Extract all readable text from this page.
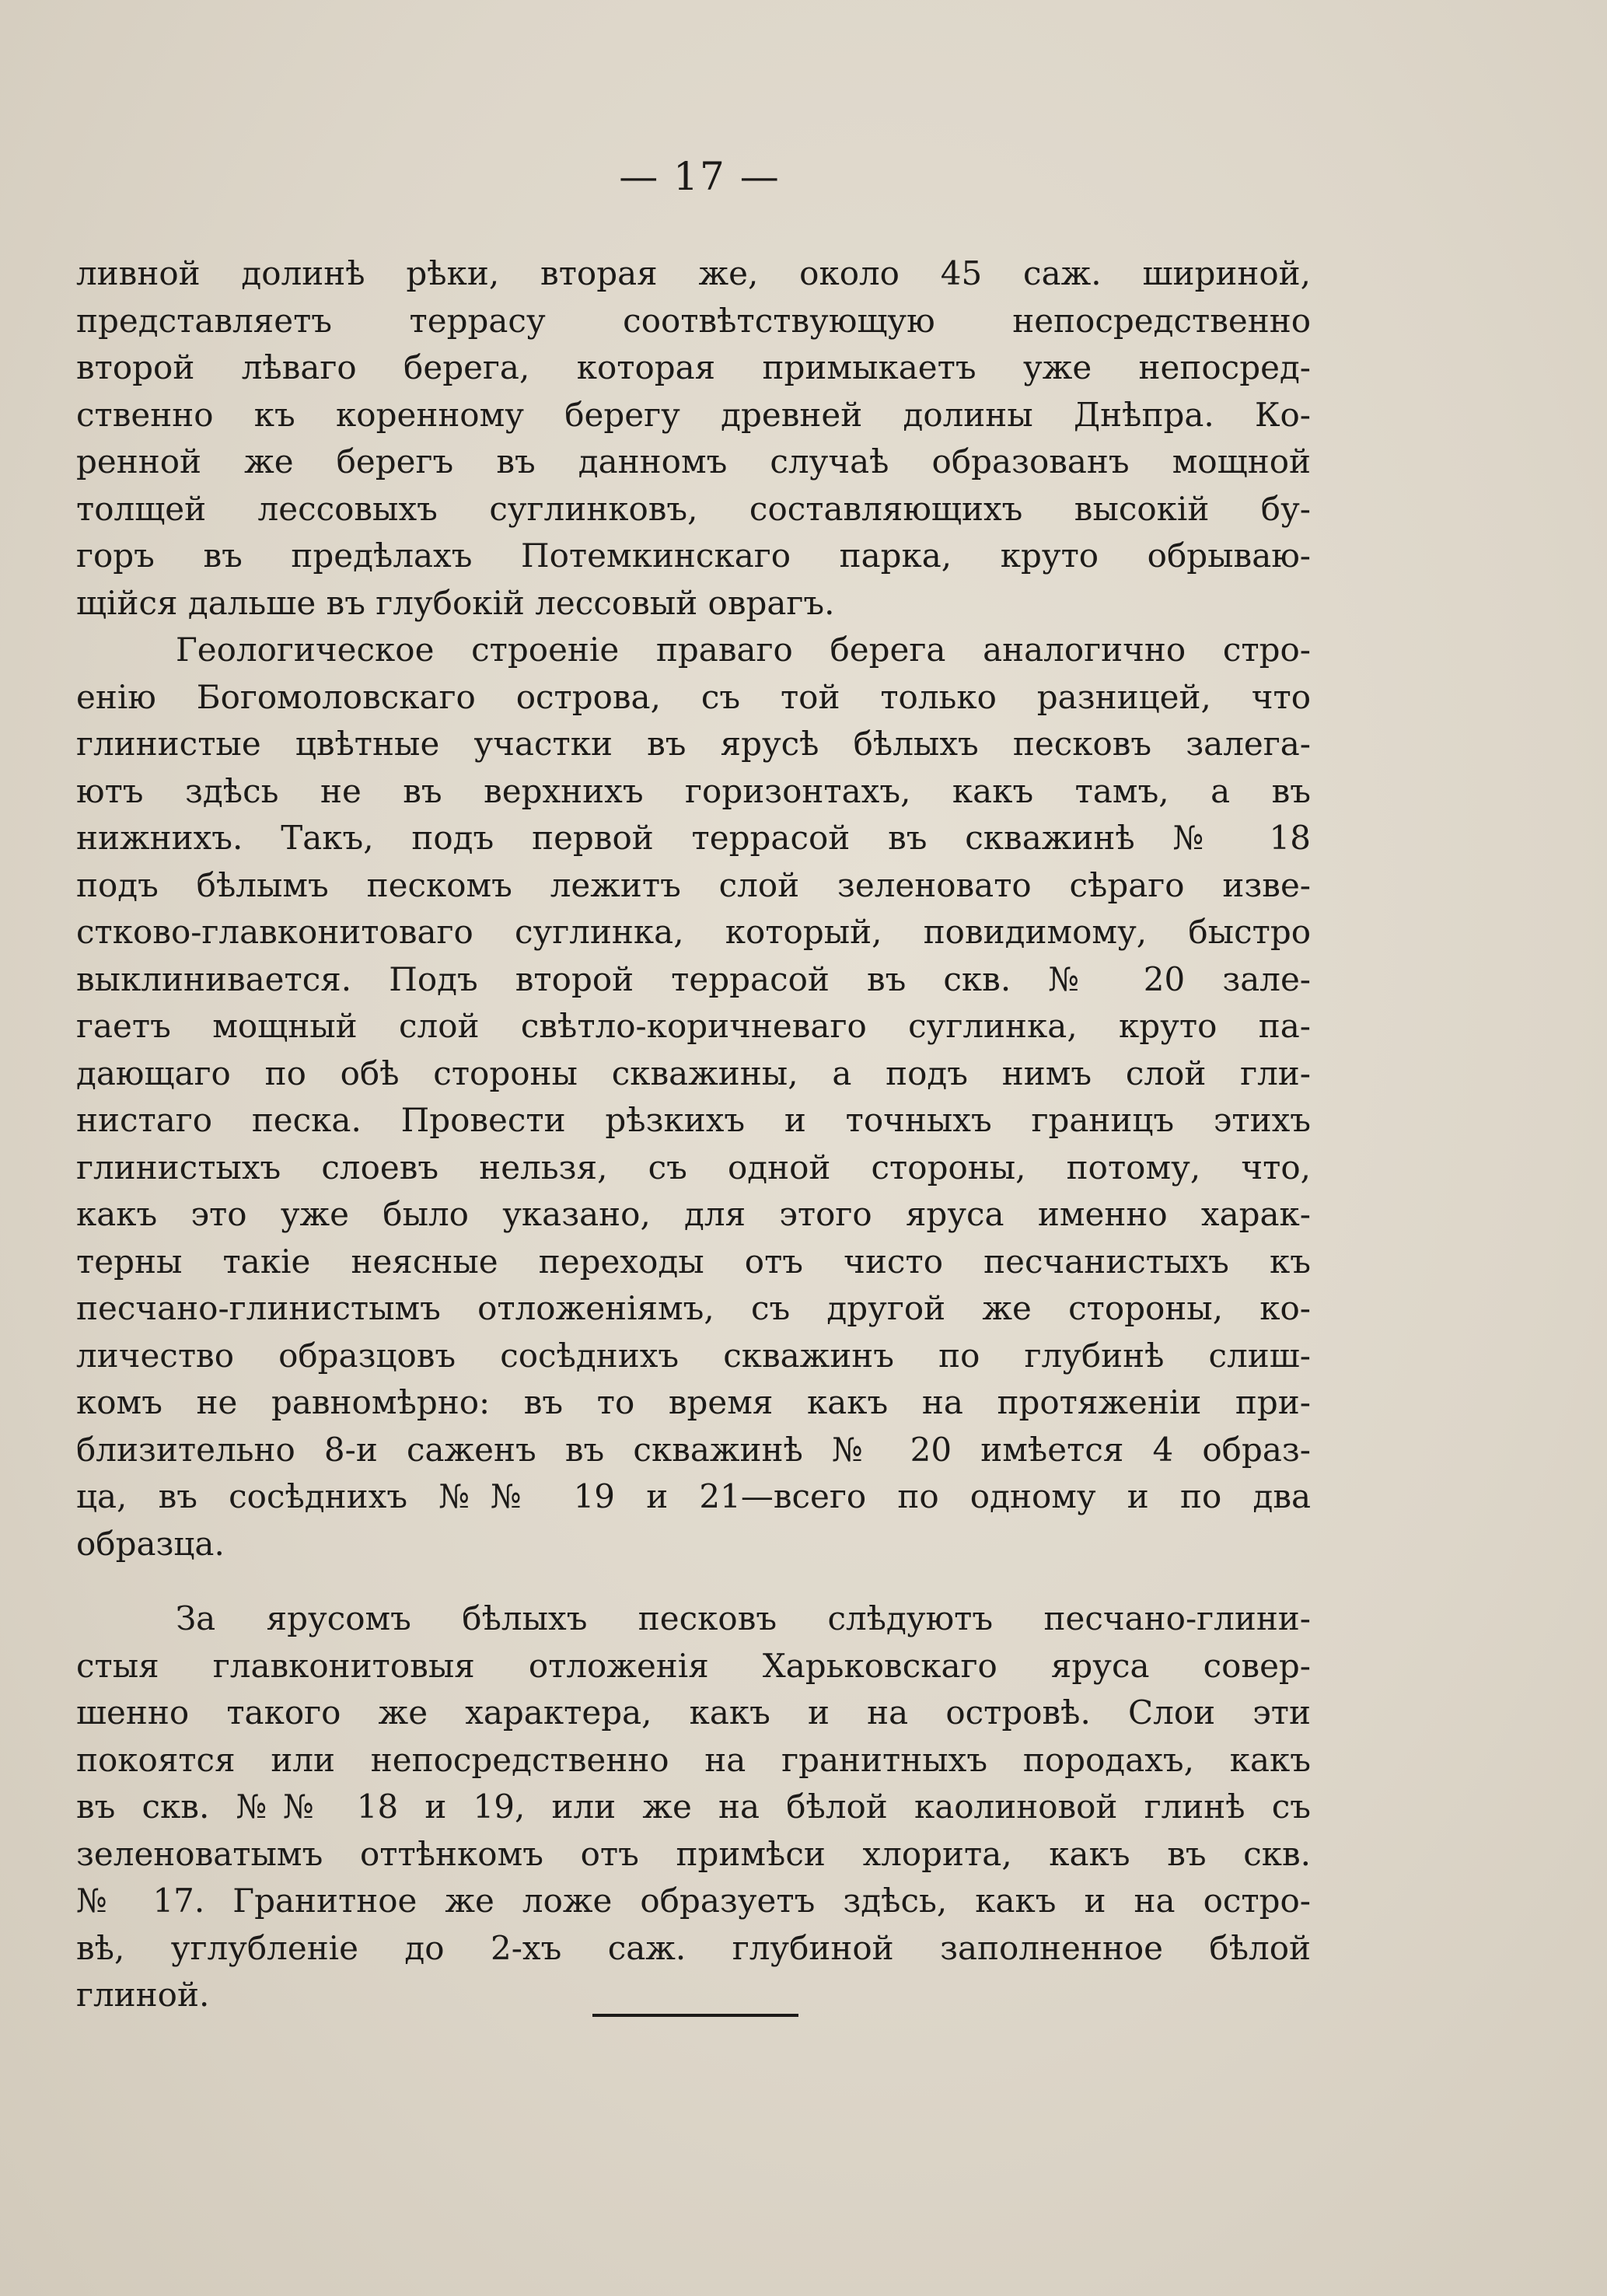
— 17 —
ливной долинѣ рѣки, вторая же, около 45 саж. шириной,
представляетъ террасу соотвѣтствующую непосредственно
второй лѣваго берега, которая примыкаетъ уже непосред-
ственно къ коренному берегу древней долины Днѣпра. Ко-
ренной же берегъ въ данномъ случаѣ образованъ мощной
толщей лессовыхъ суглинковъ, составляющихъ высокій бу-
горъ въ предѣлахъ Потемкинскаго парка, круто обрываю-
щійся дальше въ глубокій лессовый оврагъ.
Геологическое строеніе праваго берега аналогично стро-
енію Богомоловскаго острова, съ той только разницей, что
глинистые цвѣтные участки въ ярусѣ бѣлыхъ песковъ залега-
ютъ здѣсь не въ верхнихъ горизонтахъ, какъ тамъ, а въ
нижнихъ. Такъ, подъ первой террасой въ скважинѣ № 18
подъ бѣлымъ пескомъ лежитъ слой зеленовато сѣраго изве-
стково-главконитоваго суглинка, который, повидимому, быстро
выклинивается. Подъ второй террасой въ скв. № 20 зале-
гаетъ мощный слой свѣтло-коричневаго суглинка, круто па-
дающаго по обѣ стороны скважины, а подъ нимъ слой гли-
нистаго песка. Провести рѣзкихъ и точныхъ границъ этихъ
глинистыхъ слоевъ нельзя, съ одной стороны, потому, что,
какъ это уже было указано, для этого яруса именно харак-
терны такіе неясные переходы отъ чисто песчанистыхъ къ
песчано-глинистымъ отложеніямъ, съ другой же стороны, ко-
личество образцовъ сосѣднихъ скважинъ по глубинѣ слиш-
комъ не равномѣрно: въ то время какъ на протяженіи при-
близительно 8-и саженъ въ скважинѣ № 20 имѣется 4 образ-
ца, въ сосѣднихъ №№ 19 и 21—всего по одному и по два
образца.
За ярусомъ бѣлыхъ песковъ слѣдуютъ песчано-глини-
стыя главконитовыя отложенія Харьковскаго яруса совер-
шенно такого же характера, какъ и на островѣ. Слои эти
покоятся или непосредственно на гранитныхъ породахъ, какъ
въ скв. №№ 18 и 19, или же на бѣлой каолиновой глинѣ съ
зеленоватымъ оттѣнкомъ отъ примѣси хлорита, какъ въ скв.
№ 17. Гранитное же ложе образуетъ здѣсь, какъ и на остро-
вѣ, углубленіе до 2-хъ саж. глубиной заполненное бѣлой
глиной.
